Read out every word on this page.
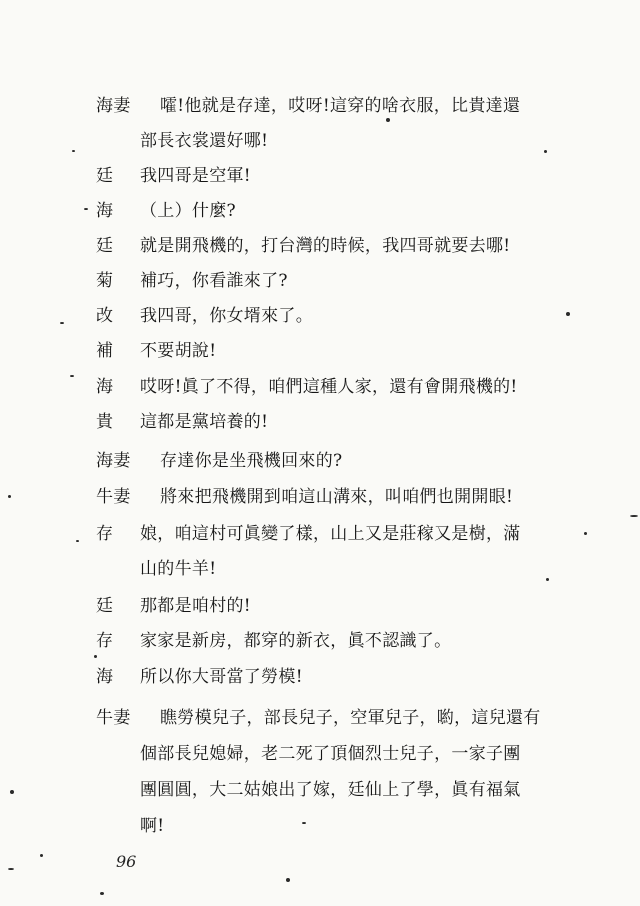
海妻	嚯!他就是存達，哎呀!這穿的啥衣服，比貴達還
部長衣裳還好哪!
廷	我四哥是空軍!
海	（上）什麼?
廷	就是開飛機的，打台灣的時候，我四哥就要去哪!
菊	補巧，你看誰來了?
改	我四哥，你女壻來了。
補	不要胡說!
海	哎呀!眞了不得，咱們這種人家，還有會開飛機的!
貴	這都是黨培養的!
海妻	存達你是坐飛機回來的?
牛妻	將來把飛機開到咱這山溝來，叫咱們也開開眼!
存	娘，咱這村可眞變了樣，山上又是莊稼又是樹，滿
山的牛羊!
廷	那都是咱村的!
存	家家是新房，都穿的新衣，眞不認識了。
海	所以你大哥當了勞模!
牛妻	瞧勞模兒子，部長兒子，空軍兒子，喲，這兒還有
個部長兒媳婦，老二死了頂個烈士兒子，一家子團
團圓圓，大二姑娘出了嫁，廷仙上了學，眞有福氣
啊!
96
